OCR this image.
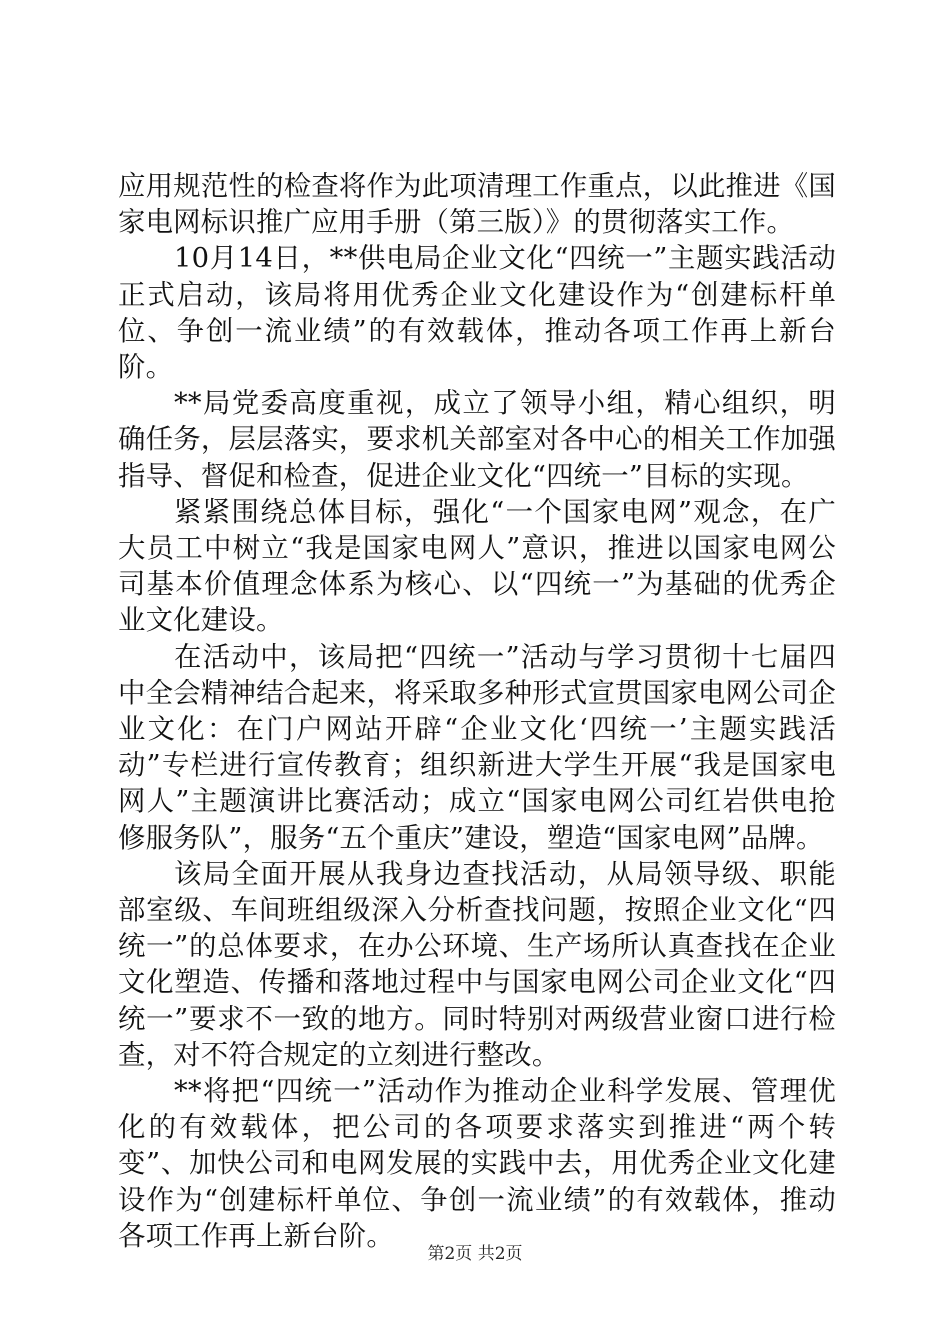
应用规范性的检查将作为此项清理工作重点，以此推进《国家电网标识推广应用手册（第三版）》的贯彻落实工作。

10月14日，**供电局企业文化“四统一”主题实践活动正式启动，该局将用优秀企业文化建设作为“创建标杆单位、争创一流业绩”的有效载体，推动各项工作再上新台阶。

**局党委高度重视，成立了领导小组，精心组织，明确任务，层层落实，要求机关部室对各中心的相关工作加强指导、督促和检查，促进企业文化“四统一”目标的实现。

紧紧围绕总体目标，强化“一个国家电网”观念，在广大员工中树立“我是国家电网人”意识，推进以国家电网公司基本价值理念体系为核心、以“四统一”为基础的优秀企业文化建设。

在活动中，该局把“四统一”活动与学习贯彻十七届四中全会精神结合起来，将采取多种形式宣贯国家电网公司企业文化：在门户网站开辟“企业文化‘四统一’主题实践活动”专栏进行宣传教育；组织新进大学生开展“我是国家电网人”主题演讲比赛活动；成立“国家电网公司红岩供电抢修服务队”，服务“五个重庆”建设，塑造“国家电网”品牌。

该局全面开展从我身边查找活动，从局领导级、职能部室级、车间班组级深入分析查找问题，按照企业文化“四统一”的总体要求，在办公环境、生产场所认真查找在企业文化塑造、传播和落地过程中与国家电网公司企业文化“四统一”要求不一致的地方。同时特别对两级营业窗口进行检查，对不符合规定的立刻进行整改。

**将把“四统一”活动作为推动企业科学发展、管理优化的有效载体，把公司的各项要求落实到推进“两个转变”、加快公司和电网发展的实践中去，用优秀企业文化建设作为“创建标杆单位、争创一流业绩”的有效载体，推动各项工作再上新台阶。

第2页 共2页
